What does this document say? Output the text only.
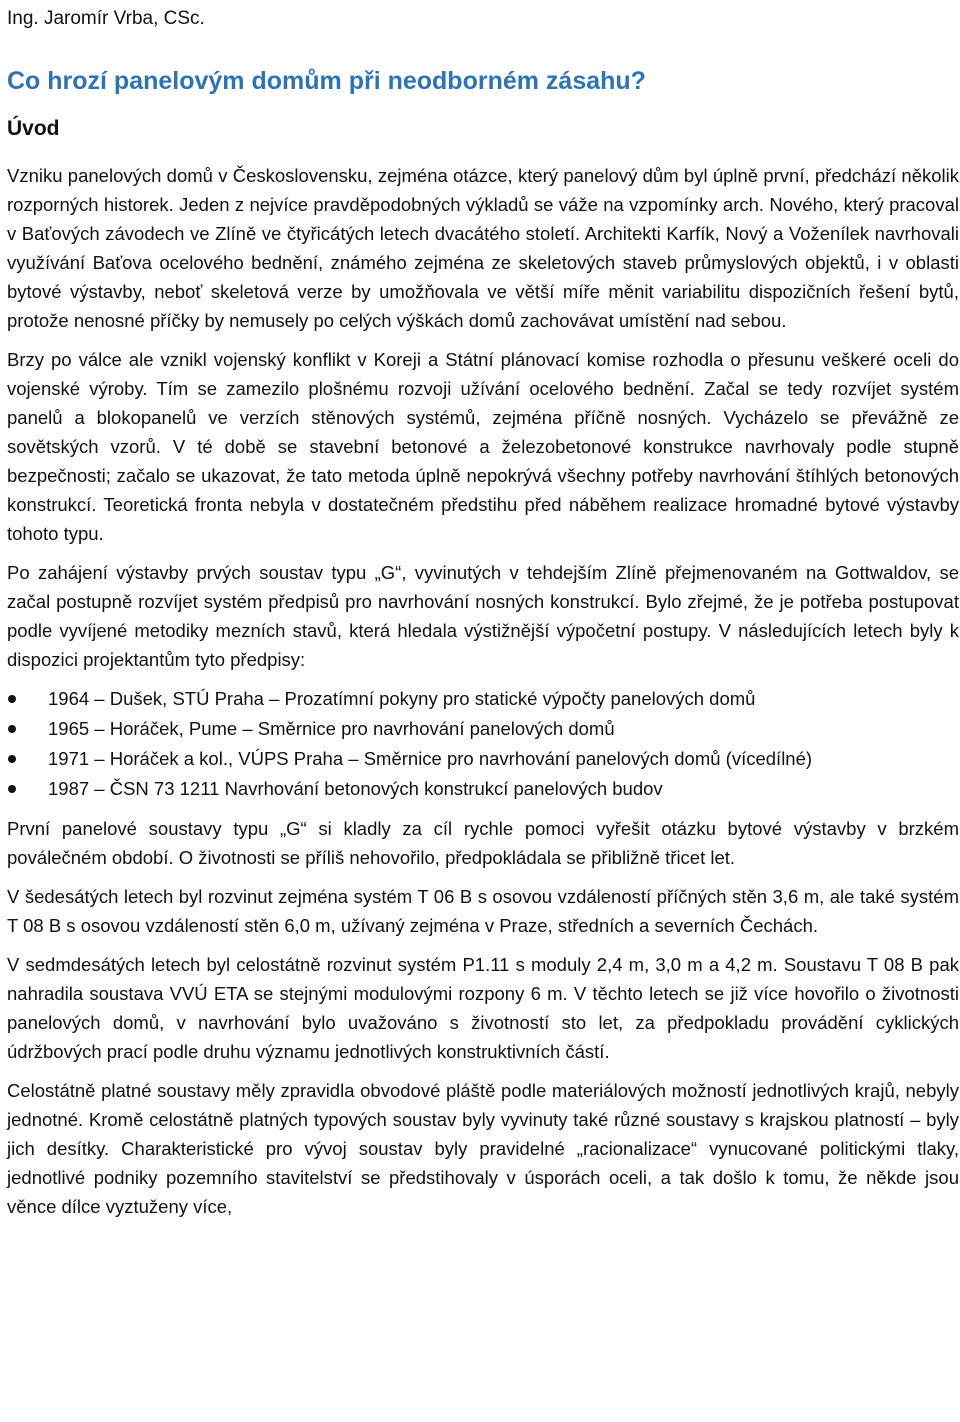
Ing. Jaromír Vrba, CSc.
Co hrozí panelovým domům při neodborném zásahu?
Úvod

Vzniku panelových domů v Československu, zejména otázce, který panelový dům byl úplně první, předchází několik rozporných historek. Jeden z nejvíce pravděpodobných výkladů se váže na vzpomínky arch. Nového, který pracoval v Baťových závodech ve Zlíně ve čtyřicátých letech dvacátého století. Architekti Karfík, Nový a Voženílek navrhovali využívání Baťova ocelového bednění, známého zejména ze skeletových staveb průmyslových objektů, i v oblasti bytové výstavby, neboť skeletová verze by umožňovala ve větší míře měnit variabilitu dispozičních řešení bytů, protože nenosné příčky by nemusely po celých výškách domů zachovávat umístění nad sebou.

Brzy po válce ale vznikl vojenský konflikt v Koreji a Státní plánovací komise rozhodla o přesunu veškeré oceli do vojenské výroby. Tím se zamezilo plošnému rozvoji užívání ocelového bednění. Začal se tedy rozvíjet systém panelů a blokopanelů ve verzích stěnových systémů, zejména příčně nosných. Vycházelo se převážně ze sovětských vzorů. V té době se stavební betonové a železobetonové konstrukce navrhovaly podle stupně bezpečnosti; začalo se ukazovat, že tato metoda úplně nepokrývá všechny potřeby navrhování štíhlých betonových konstrukcí. Teoretická fronta nebyla v dostatečném předstihu před náběhem realizace hromadné bytové výstavby tohoto typu.

Po zahájení výstavby prvých soustav typu „G“, vyvinutých v tehdejším Zlíně přejmenovaném na Gottwaldov, se začal postupně rozvíjet systém předpisů pro navrhování nosných konstrukcí. Bylo zřejmé, že je potřeba postupovat podle vyvíjené metodiky mezních stavů, která hledala výstižnější výpočetní postupy. V následujících letech byly k dispozici projektantům tyto předpisy:

1964 – Dušek, STÚ Praha – Prozatímní pokyny pro statické výpočty panelových domů
1965 – Horáček, Pume – Směrnice pro navrhování panelových domů
1971 – Horáček a kol., VÚPS Praha – Směrnice pro navrhování panelových domů (vícedílné)
1987 – ČSN 73 1211 Navrhování betonových konstrukcí panelových budov

První panelové soustavy typu „G“ si kladly za cíl rychle pomoci vyřešit otázku bytové výstavby v brzkém poválečném období. O životnosti se příliš nehovořilo, předpokládala se přibližně třicet let.

V šedesátých letech byl rozvinut zejména systém T 06 B s osovou vzdáleností příčných stěn 3,6 m, ale také systém T 08 B s osovou vzdáleností stěn 6,0 m, užívaný zejména v Praze, středních a severních Čechách.

V sedmdesátých letech byl celostátně rozvinut systém P1.11 s moduly 2,4 m, 3,0 m a 4,2 m. Soustavu T 08 B pak nahradila soustava VVÚ ETA se stejnými modulovými rozpony 6 m. V těchto letech se již více hovořilo o životnosti panelových domů, v navrhování bylo uvažováno s životností sto let, za předpokladu provádění cyklických údržbových prací podle druhu významu jednotlivých konstruktivních částí.

Celostátně platné soustavy měly zpravidla obvodové pláště podle materiálových možností jednotlivých krajů, nebyly jednotné. Kromě celostátně platných typových soustav byly vyvinuty také různé soustavy s krajskou platností – byly jich desítky. Charakteristické pro vývoj soustav byly pravidelné „racionalizace“ vynucované politickými tlaky, jednotlivé podniky pozemního stavitelství se předstihovaly v úsporách oceli, a tak došlo k tomu, že někde jsou věnce dílce vyztuženy více,
